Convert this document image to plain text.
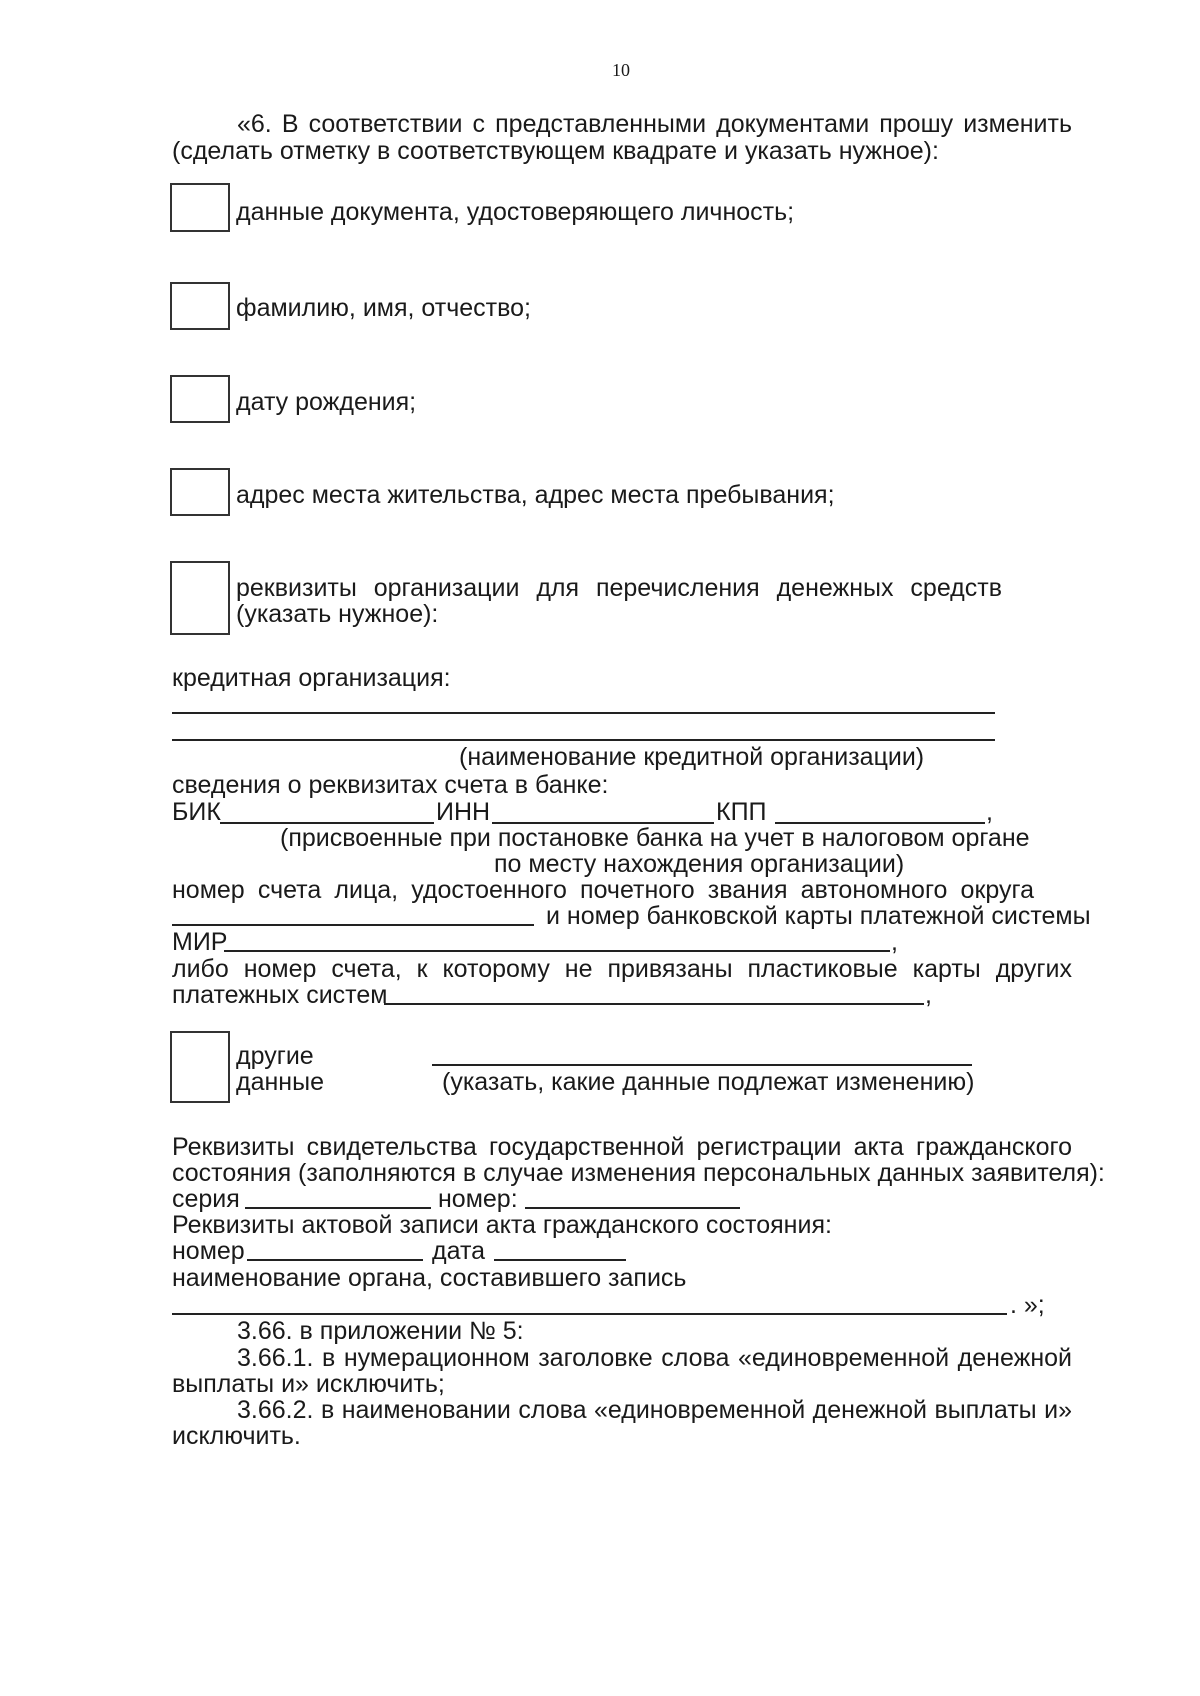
10
«6. В соответствии с представленными документами прошу изменить
(сделать отметку в соответствующем квадрате и указать нужное):
данные документа, удостоверяющего личность;
фамилию, имя, отчество;
дату рождения;
адрес места жительства, адрес места пребывания;
реквизиты организации для перечисления денежных средств
(указать нужное):
кредитная организация:
(наименование кредитной организации)
сведения о реквизитах счета в банке:
БИК	ИНН	КПП	,
(присвоенные при постановке банка на учет в налоговом органе
по месту нахождения организации)
номер счета лица, удостоенного почетного звания автономного округа
и номер банковской карты платежной системы
МИР	,
либо номер счета, к которому не привязаны пластиковые карты других
платежных систем	,
другие
данные	(указать, какие данные подлежат изменению)
Реквизиты свидетельства государственной регистрации акта гражданского
состояния (заполняются в случае изменения персональных данных заявителя):
серия	номер:
Реквизиты актовой записи акта гражданского состояния:
номер	дата
наименование органа, составившего запись
. »;
3.66. в приложении № 5:
3.66.1. в нумерационном заголовке слова «единовременной денежной
выплаты и» исключить;
3.66.2. в наименовании слова «единовременной денежной выплаты и»
исключить.
